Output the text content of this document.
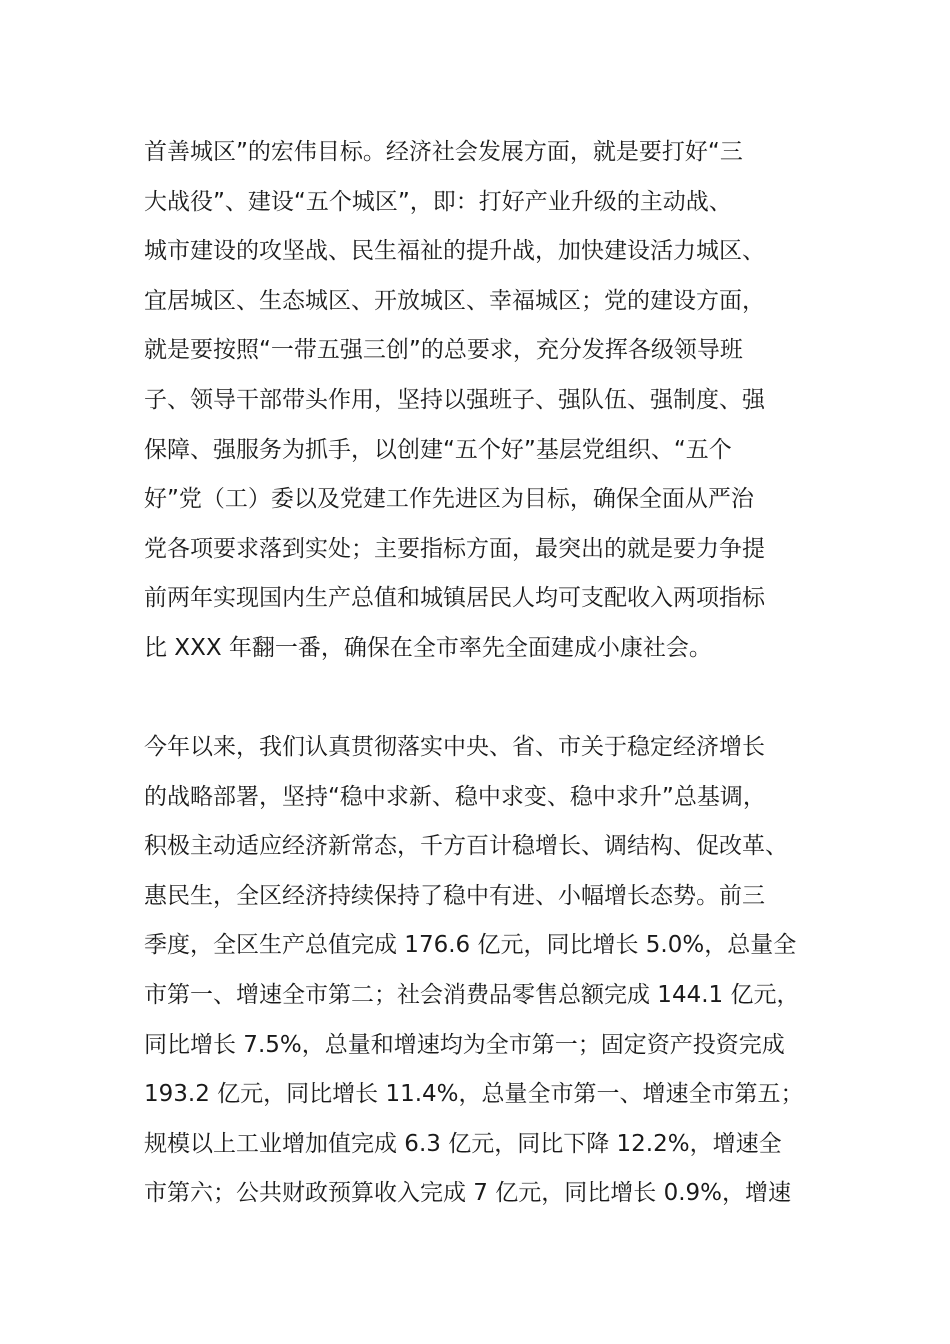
首善城区”的宏伟目标。经济社会发展方面，就是要打好“三
大战役”、建设“五个城区”，即：打好产业升级的主动战、
城市建设的攻坚战、民生福祉的提升战，加快建设活力城区、
宜居城区、生态城区、开放城区、幸福城区；党的建设方面，
就是要按照“一带五强三创”的总要求，充分发挥各级领导班
子、领导干部带头作用，坚持以强班子、强队伍、强制度、强
保障、强服务为抓手，以创建“五个好”基层党组织、“五个
好”党（工）委以及党建工作先进区为目标，确保全面从严治
党各项要求落到实处；主要指标方面，最突出的就是要力争提
前两年实现国内生产总值和城镇居民人均可支配收入两项指标
比 XXX 年翻一番，确保在全市率先全面建成小康社会。
今年以来，我们认真贯彻落实中央、省、市关于稳定经济增长
的战略部署，坚持“稳中求新、稳中求变、稳中求升”总基调，
积极主动适应经济新常态，千方百计稳增长、调结构、促改革、
惠民生，全区经济持续保持了稳中有进、小幅增长态势。前三
季度，全区生产总值完成 176.6 亿元，同比增长 5.0%，总量全
市第一、增速全市第二；社会消费品零售总额完成 144.1 亿元，
同比增长 7.5%，总量和增速均为全市第一；固定资产投资完成
193.2 亿元，同比增长 11.4%，总量全市第一、增速全市第五；
规模以上工业增加值完成 6.3 亿元，同比下降 12.2%，增速全
市第六；公共财政预算收入完成 7 亿元，同比增长 0.9%，增速
